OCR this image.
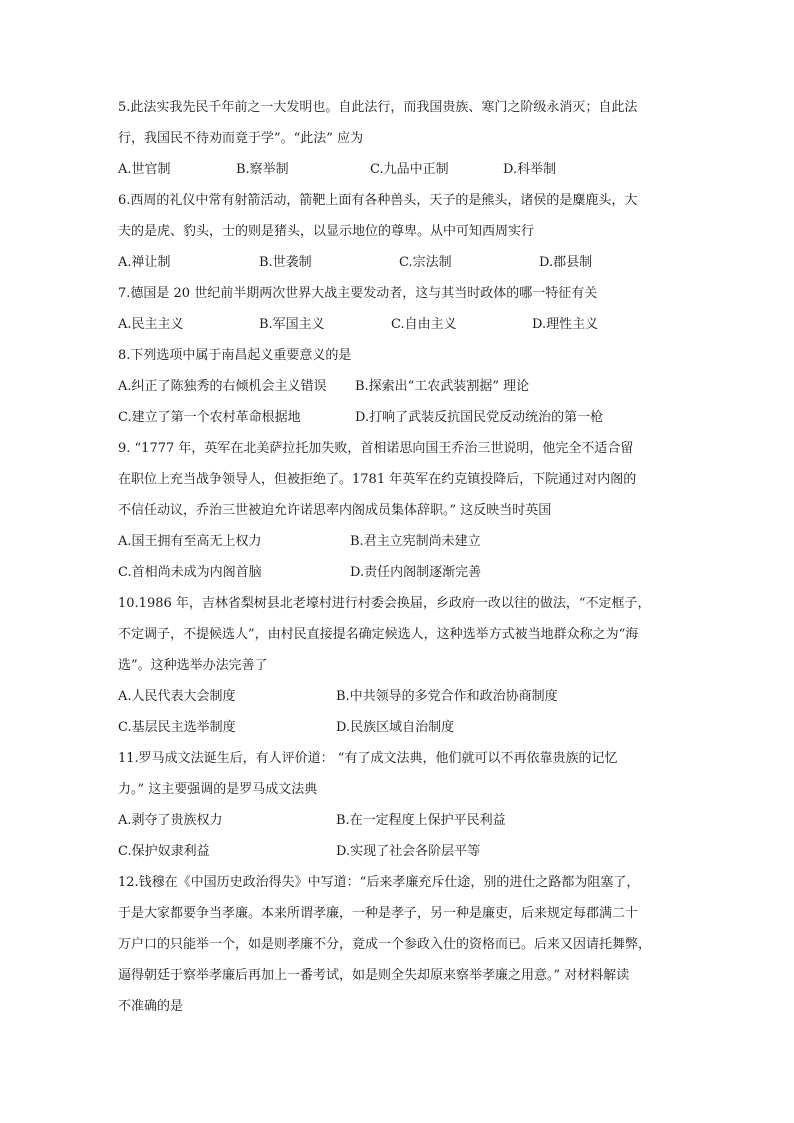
5.此法实我先民千年前之一大发明也。自此法行，而我国贵族、寒门之阶级永消灭；自此法
行，我国民不待劝而竟于学”。“此法” 应为
A.世官制	B.察举制	C.九品中正制	D.科举制
6.西周的礼仪中常有射箭活动，箭靶上面有各种兽头，天子的是熊头，诸侯的是麋鹿头，大
夫的是虎、豹头，士的则是猪头，以显示地位的尊卑。从中可知西周实行
A.禅让制	B.世袭制	C.宗法制	D.郡县制
7.德国是 20 世纪前半期两次世界大战主要发动者，这与其当时政体的哪一特征有关
A.民主主义	B.军国主义	C.自由主义	D.理性主义
8.下列选项中属于南昌起义重要意义的是
A.纠正了陈独秀的右倾机会主义错误 B.探索出“工农武装割据” 理论
C.建立了第一个农村革命根据地	D.打响了武装反抗国民党反动统治的第一枪
9. “1777 年，英军在北美萨拉托加失败，首相诺思向国王乔治三世说明，他完全不适合留
在职位上充当战争领导人，但被拒绝了。1781 年英军在约克镇投降后，下院通过对内阁的
不信任动议，乔治三世被迫允许诺思率内阁成员集体辞职。” 这反映当时英国
A.国王拥有至高无上权力	B.君主立宪制尚未建立
C.首相尚未成为内阁首脑	D.责任内阁制逐渐完善
10.1986 年，吉林省梨树县北老壕村进行村委会换届，乡政府一改以往的做法，“不定框子，
不定调子，不提候选人”，由村民直接提名确定候选人，这种选举方式被当地群众称之为“海
选”。这种选举办法完善了
A.人民代表大会制度	B.中共领导的多党合作和政治协商制度
C.基层民主选举制度	D.民族区域自治制度
11.罗马成文法诞生后，有人评价道： “有了成文法典，他们就可以不再依靠贵族的记忆
力。” 这主要强调的是罗马成文法典
A.剥夺了贵族权力	B.在一定程度上保护平民利益
C.保护奴隶利益	D.实现了社会各阶层平等
12.钱穆在《中国历史政治得失》中写道：“后来孝廉充斥仕途，别的进仕之路都为阻塞了，
于是大家都要争当孝廉。本来所谓孝廉，一种是孝子，另一种是廉吏，后来规定每郡满二十
万户口的只能举一个，如是则孝廉不分，竟成一个参政入仕的资格而已。后来又因请托舞弊，
逼得朝廷于察举孝廉后再加上一番考试，如是则全失却原来察举孝廉之用意。” 对材料解读
不准确的是
